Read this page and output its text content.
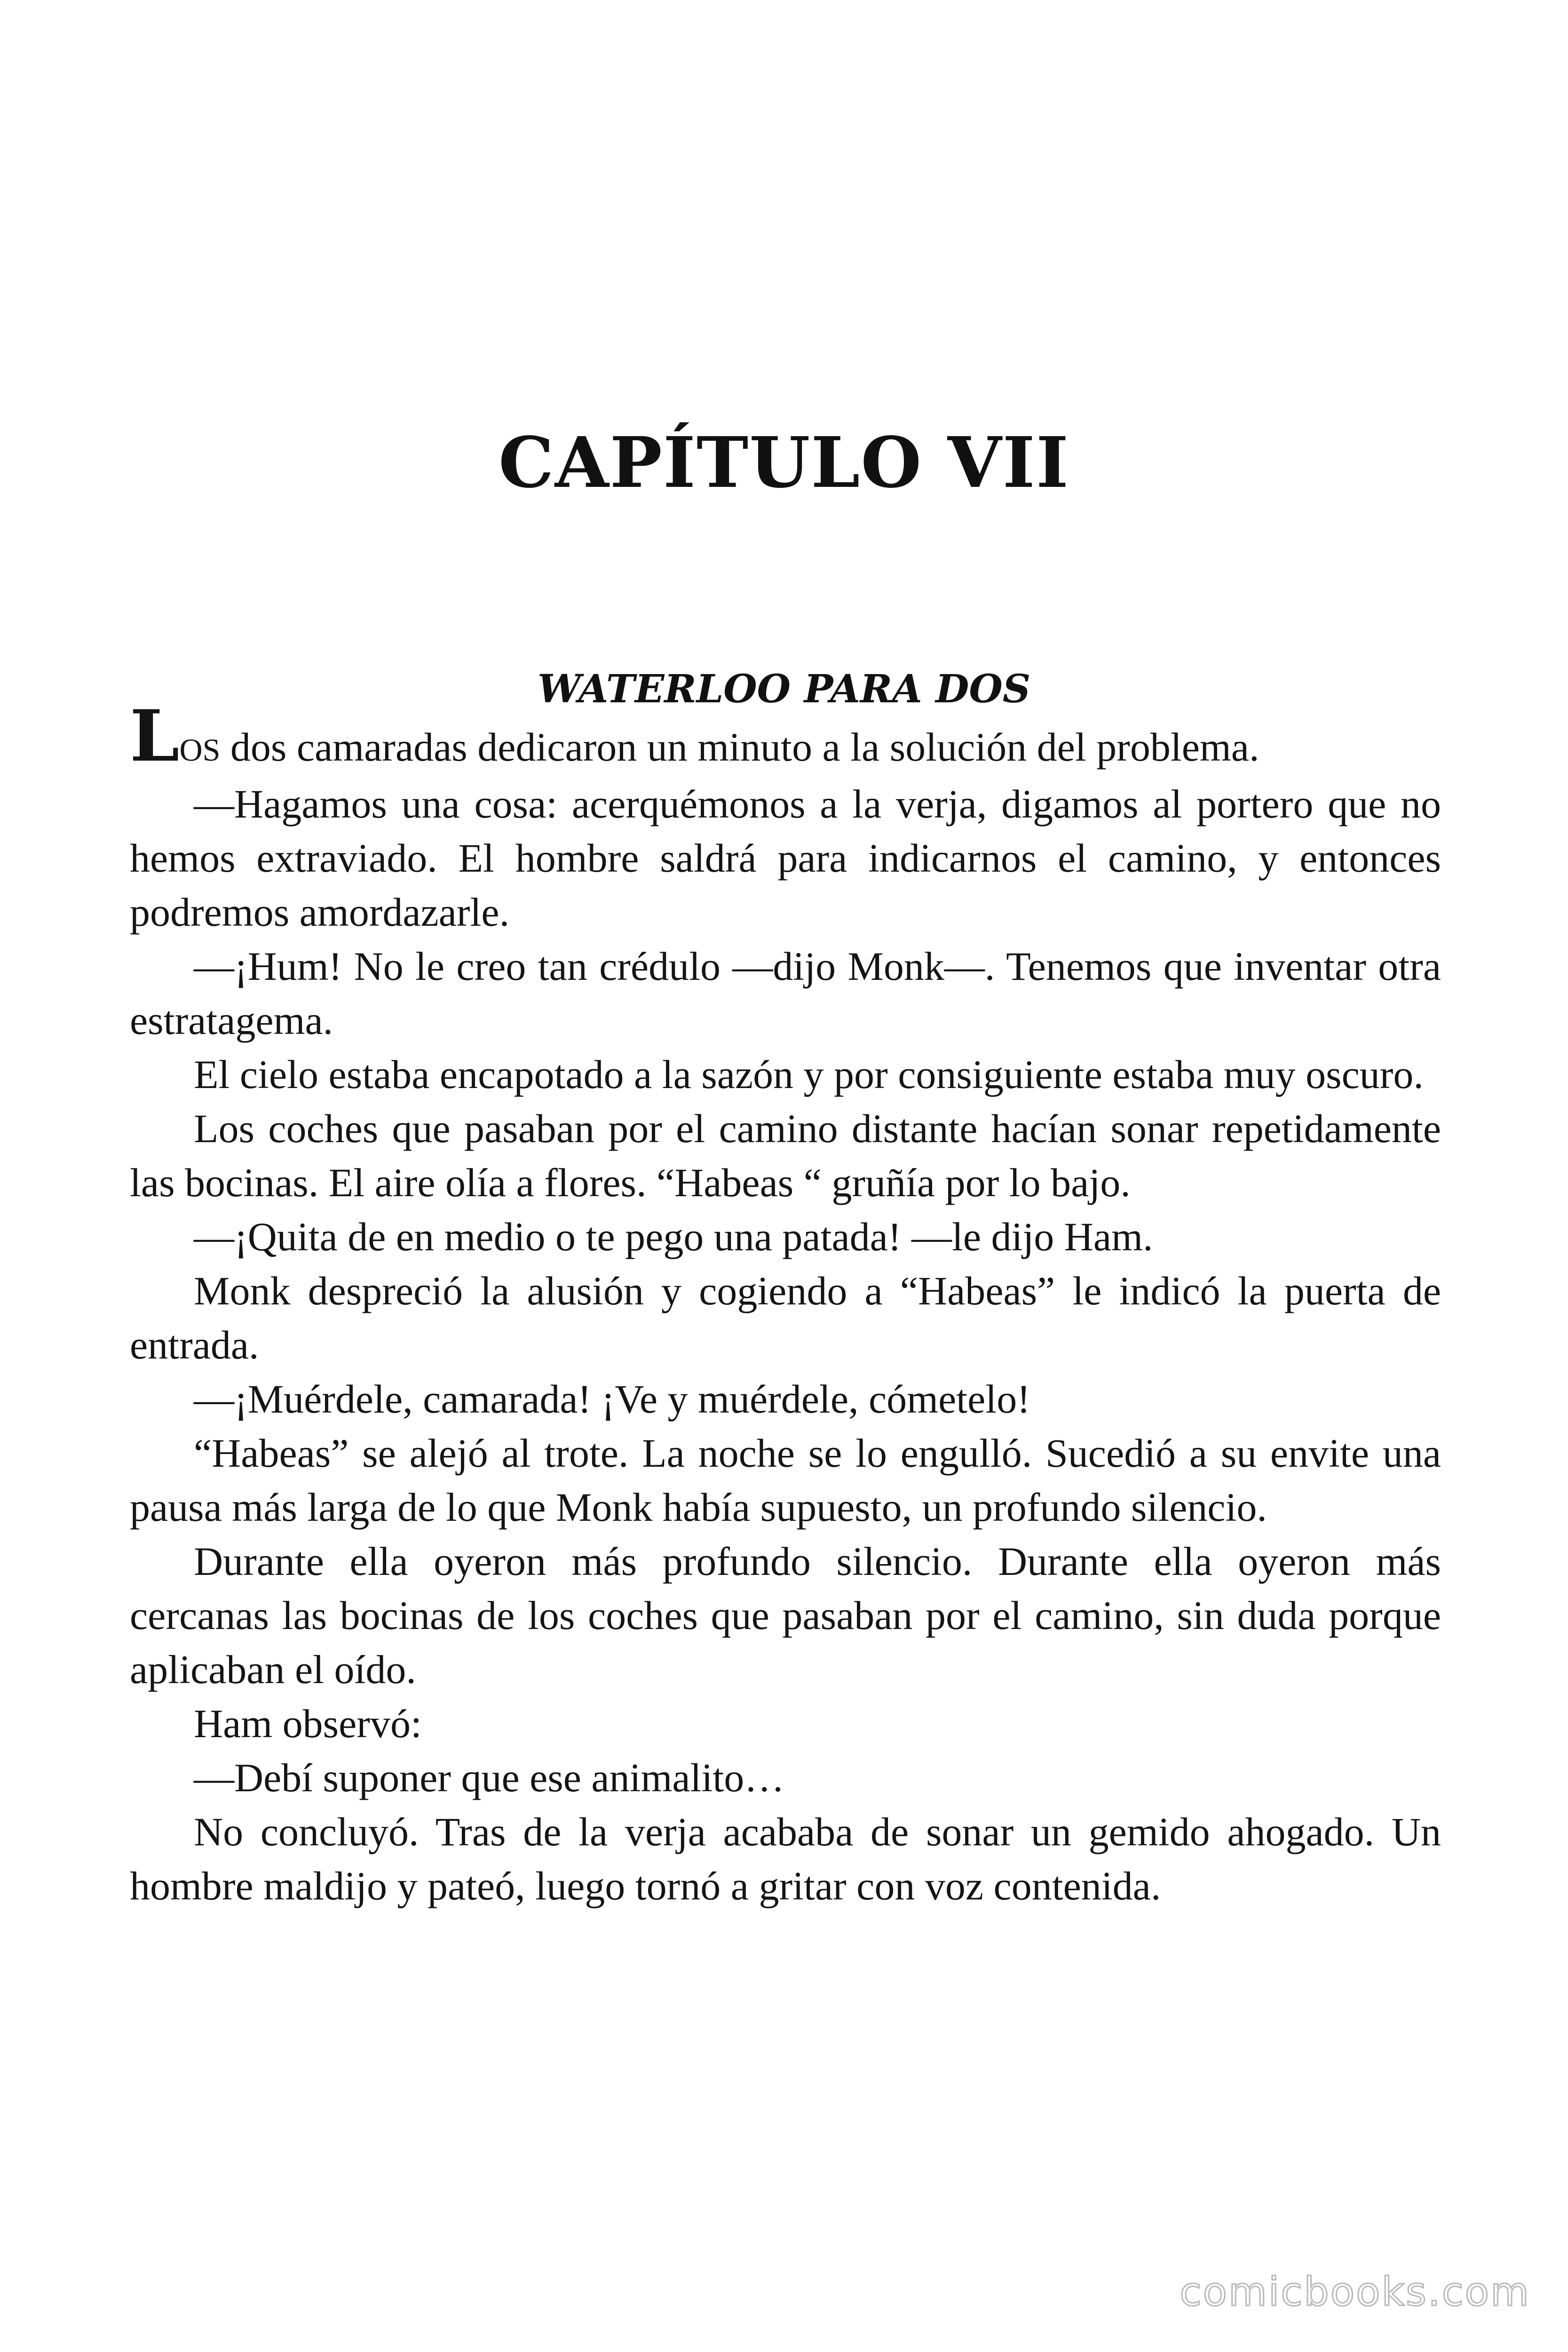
CAPÍTULO VII
WATERLOO PARA DOS

LOS dos camaradas dedicaron un minuto a la solución del problema.

—Hagamos una cosa: acerquémonos a la verja, digamos al portero que no hemos extraviado. El hombre saldrá para indicarnos el camino, y entonces podremos amordazarle.

—¡Hum! No le creo tan crédulo —dijo Monk—. Tenemos que inventar otra estratagema.

El cielo estaba encapotado a la sazón y por consiguiente estaba muy oscuro.

Los coches que pasaban por el camino distante hacían sonar repetidamente las bocinas. El aire olía a flores. “Habeas “ gruñía por lo bajo.

—¡Quita de en medio o te pego una patada! —le dijo Ham.

Monk despreció la alusión y cogiendo a “Habeas” le indicó la puerta de entrada.

—¡Muérdele, camarada! ¡Ve y muérdele, cómetelo!

“Habeas” se alejó al trote. La noche se lo engulló. Sucedió a su envite una pausa más larga de lo que Monk había supuesto, un profundo silencio.

Durante ella oyeron más profundo silencio. Durante ella oyeron más cercanas las bocinas de los coches que pasaban por el camino, sin duda porque aplicaban el oído.

Ham observó:

—Debí suponer que ese animalito…

No concluyó. Tras de la verja acababa de sonar un gemido ahogado. Un hombre maldijo y pateó, luego tornó a gritar con voz contenida.

comicbooks.com
